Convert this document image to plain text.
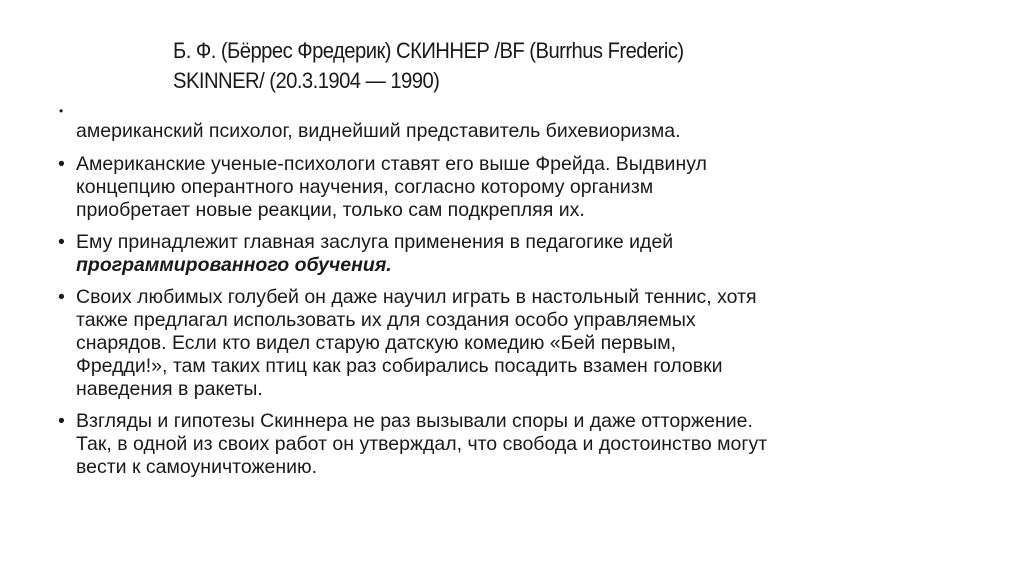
Б. Ф. (Бёррес Фредерик) СКИННЕР /BF (Burrhus Frederic)
SKINNER/ (20.3.1904 — 1990)
•
американский психолог, виднейший представитель бихевиоризма.
• Американские ученые-психологи ставят его выше Фрейда. Выдвинул
концепцию оперантного научения, согласно которому организм
приобретает новые реакции, только сам подкрепляя их.
• Ему принадлежит главная заслуга применения в педагогике идей
программированного обучения.
• Своих любимых голубей он даже научил играть в настольный теннис, хотя
также предлагал использовать их для создания особо управляемых
снарядов. Если кто видел старую датскую комедию «Бей первым,
Фредди!», там таких птиц как раз собирались посадить взамен головки
наведения в ракеты.
• Взгляды и гипотезы Скиннера не раз вызывали споры и даже отторжение.
Так, в одной из своих работ он утверждал, что свобода и достоинство могут
вести к самоуничтожению.
